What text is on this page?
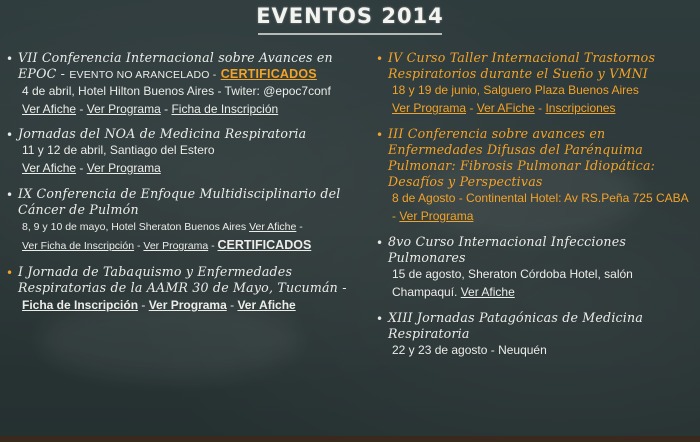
EVENTOS 2014
• VII Conferencia Internacional sobre Avances en EPOC - EVENTO NO ARANCELADO - CERTIFICADOS
4 de abril, Hotel Hilton Buenos Aires - Twiter: @epoc7conf
Ver Afiche - Ver Programa - Ficha de Inscripción
• Jornadas del NOA de Medicina Respiratoria
11 y 12 de abril, Santiago del Estero
Ver Afiche - Ver Programa
• IX Conferencia de Enfoque Multidisciplinario del Cáncer de Pulmón
8, 9 y 10 de mayo, Hotel Sheraton Buenos Aires Ver Afiche -
Ver Ficha de Inscripción - Ver Programa - CERTIFICADOS
• I Jornada de Tabaquismo y Enfermedades Respiratorias de la AAMR 30 de Mayo, Tucumán -
Ficha de Inscripción - Ver Programa - Ver Afiche
• IV Curso Taller Internacional Trastornos Respiratorios durante el Sueño y VMNI
18 y 19 de junio, Salguero Plaza Buenos Aires
Ver Programa - Ver AFiche - Inscripciones
• III Conferencia sobre avances en Enfermedades Difusas del Parénquima Pulmonar: Fibrosis Pulmonar Idiopática: Desafíos y Perspectivas
8 de Agosto - Continental Hotel: Av RS.Peña 725 CABA - Ver Programa
• 8vo Curso Internacional Infecciones Pulmonares
15 de agosto, Sheraton Córdoba Hotel, salón Champaquí. Ver Afiche
• XIII Jornadas Patagónicas de Medicina Respiratoria
22 y 23 de agosto - Neuquén
